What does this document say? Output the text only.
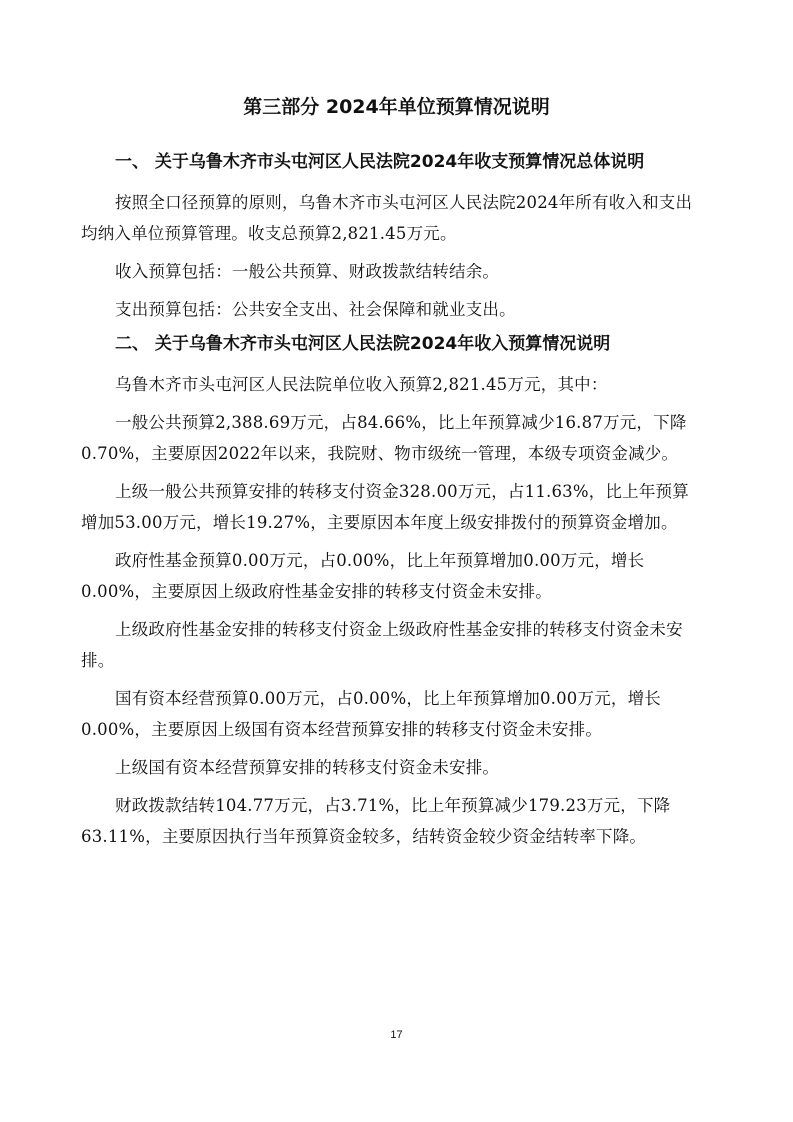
第三部分 2024年单位预算情况说明
一、 关于乌鲁木齐市头屯河区人民法院2024年收支预算情况总体说明

按照全口径预算的原则，乌鲁木齐市头屯河区人民法院2024年所有收入和支出均纳入单位预算管理。收支总预算2,821.45万元。

收入预算包括：一般公共预算、财政拨款结转结余。

支出预算包括：公共安全支出、社会保障和就业支出。

二、 关于乌鲁木齐市头屯河区人民法院2024年收入预算情况说明

乌鲁木齐市头屯河区人民法院单位收入预算2,821.45万元，其中：

一般公共预算2,388.69万元，占84.66%，比上年预算减少16.87万元，下降0.70%，主要原因2022年以来，我院财、物市级统一管理，本级专项资金减少。

上级一般公共预算安排的转移支付资金328.00万元，占11.63%，比上年预算增加53.00万元，增长19.27%，主要原因本年度上级安排拨付的预算资金增加。

政府性基金预算0.00万元，占0.00%，比上年预算增加0.00万元，增长0.00%，主要原因上级政府性基金安排的转移支付资金未安排。

上级政府性基金安排的转移支付资金上级政府性基金安排的转移支付资金未安排。

国有资本经营预算0.00万元，占0.00%，比上年预算增加0.00万元，增长0.00%，主要原因上级国有资本经营预算安排的转移支付资金未安排。

上级国有资本经营预算安排的转移支付资金未安排。

财政拨款结转104.77万元，占3.71%，比上年预算减少179.23万元，下降63.11%，主要原因执行当年预算资金较多，结转资金较少资金结转率下降。

17
